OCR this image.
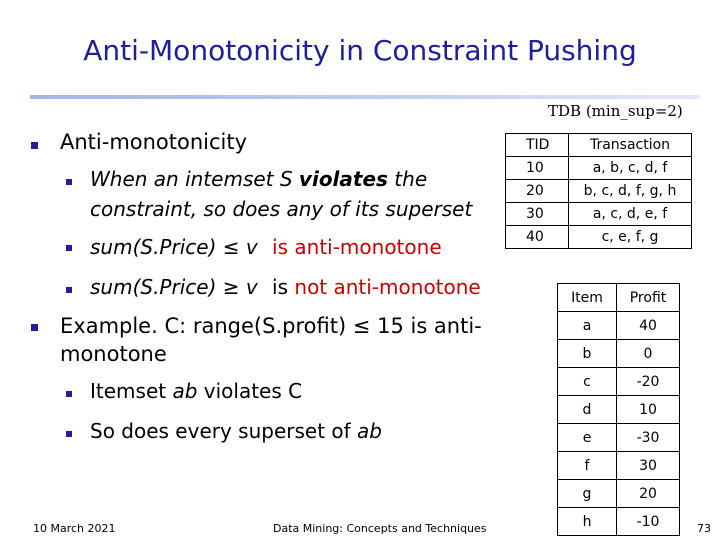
Anti-Monotonicity in Constraint Pushing
TDB (min_sup=2)
Anti-monotonicity
When an intemset S violates the
constraint, so does any of its superset
sum(S.Price) ≤ v is anti-monotone
sum(S.Price) ≥ v is not anti-monotone
Example. C: range(S.profit) ≤ 15 is anti-
monotone
Itemset ab violates C
So does every superset of ab
TID	Transaction
10	a, b, c, d, f
20	b, c, d, f, g, h
30	a, c, d, e, f
40	c, e, f, g
Item	Profit
a	40
b	0
c	-20
d	10
e	-30
f	30
g	20
h	-10
10 March 2021	Data Mining: Concepts and Techniques	73
